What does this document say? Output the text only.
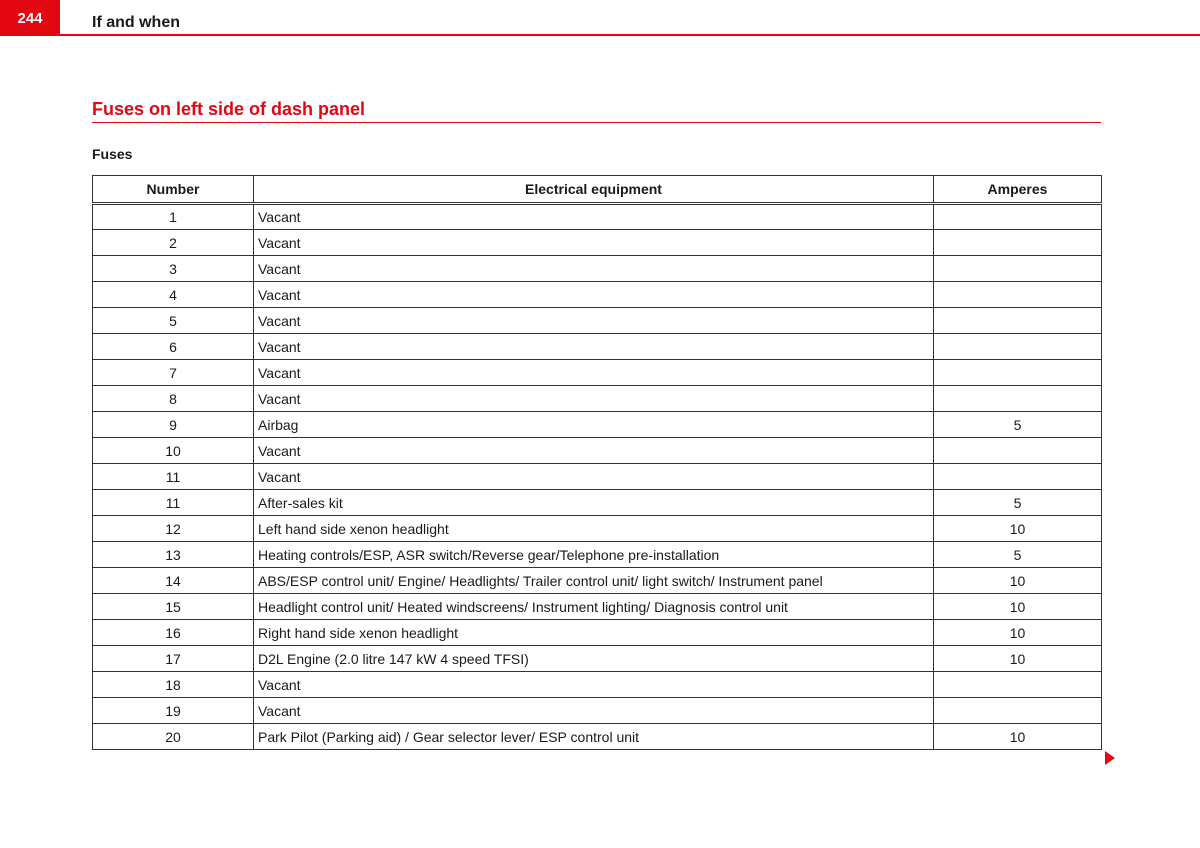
244	If and when
Fuses on left side of dash panel
Fuses
Number	Electrical equipment	Amperes
1	Vacant	
2	Vacant	
3	Vacant	
4	Vacant	
5	Vacant	
6	Vacant	
7	Vacant	
8	Vacant	
9	Airbag	5
10	Vacant	
11	Vacant	
11	After-sales kit	5
12	Left hand side xenon headlight	10
13	Heating controls/ESP, ASR switch/Reverse gear/Telephone pre-installation	5
14	ABS/ESP control unit/ Engine/ Headlights/ Trailer control unit/ light switch/ Instrument panel	10
15	Headlight control unit/ Heated windscreens/ Instrument lighting/ Diagnosis control unit	10
16	Right hand side xenon headlight	10
17	D2L Engine (2.0 litre 147 kW 4 speed TFSI)	10
18	Vacant	
19	Vacant	
20	Park Pilot (Parking aid) / Gear selector lever/ ESP control unit	10
